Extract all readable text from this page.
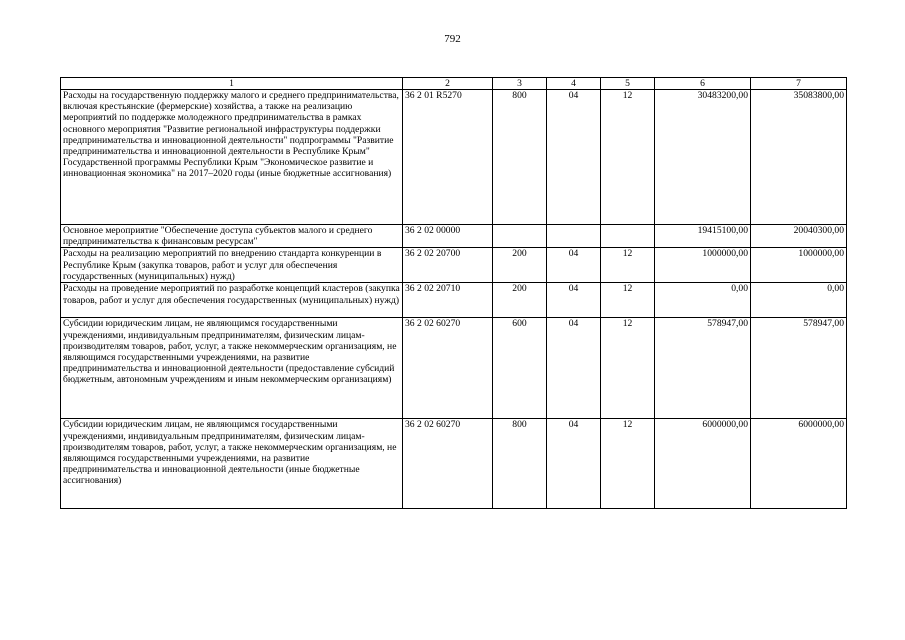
792
1	2	3	4	5	6	7
Расходы на государственную поддержку малого и среднего предпринимательства, включая крестьянские (фермерские) хозяйства, а также на реализацию мероприятий по поддержке молодежного предпринимательства в рамках основного мероприятия "Развитие региональной инфраструктуры поддержки предпринимательства и инновационной деятельности" подпрограммы "Развитие предпринимательства и инновационной деятельности в Республике Крым" Государственной программы Республики Крым "Экономическое развитие и инновационная экономика" на 2017–2020 годы (иные бюджетные ассигнования)	36 2 01 R5270	800	04	12	30483200,00	35083800,00
Основное мероприятие "Обеспечение доступа субъектов малого и среднего предпринимательства к финансовым ресурсам"	36 2 02 00000				19415100,00	20040300,00
Расходы на реализацию мероприятий по внедрению стандарта конкуренции в Республике Крым (закупка товаров, работ и услуг для обеспечения государственных (муниципальных) нужд)	36 2 02 20700	200	04	12	1000000,00	1000000,00
Расходы на проведение мероприятий по разработке концепций кластеров (закупка товаров, работ и услуг для обеспечения государственных (муниципальных) нужд)	36 2 02 20710	200	04	12	0,00	0,00
Субсидии юридическим лицам, не являющимся государственными учреждениями, индивидуальным предпринимателям, физическим лицам-производителям товаров, работ, услуг, а также некоммерческим организациям, не являющимся государственными учреждениями, на развитие предпринимательства и инновационной деятельности (предоставление субсидий бюджетным, автономным учреждениям и иным некоммерческим организациям)	36 2 02 60270	600	04	12	578947,00	578947,00
Субсидии юридическим лицам, не являющимся государственными учреждениями, индивидуальным предпринимателям, физическим лицам-производителям товаров, работ, услуг, а также некоммерческим организациям, не являющимся государственными учреждениями, на развитие предпринимательства и инновационной деятельности (иные бюджетные ассигнования)	36 2 02 60270	800	04	12	6000000,00	6000000,00
